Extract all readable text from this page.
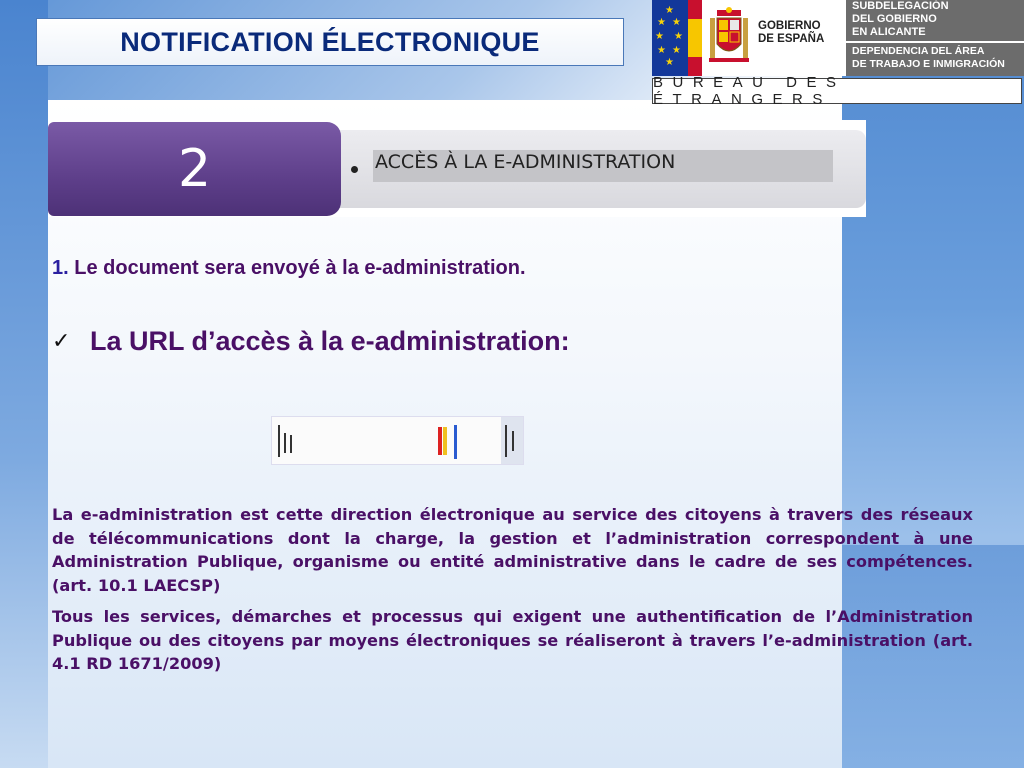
NOTIFICATION ÉLECTRONIQUE
★
★
★
★
★
★
★
★
GOBIERNO
DE ESPAÑA
SUBDELEGACIÓN
DEL GOBIERNO
EN ALICANTE
DEPENDENCIA DEL ÁREA
DE TRABAJO E INMIGRACIÓN
BUREAU DES ÉTRANGERS
2	ACCÈS À LA E-ADMINISTRATION
1. Le document sera envoyé à la e-administration.
✓ La URL d’accès à la e-administration:
La e-administration est cette direction électronique au service des citoyens à travers des réseaux de télécommunications dont la charge, la gestion et l’administration correspondent à une Administration Publique, organisme ou entité administrative dans le cadre de ses compétences. (art. 10.1 LAECSP)
Tous les services, démarches et processus qui exigent une authentification de l’Administration Publique ou des citoyens par moyens électroniques se réaliseront à travers l’e-administration (art. 4.1 RD 1671/2009)
